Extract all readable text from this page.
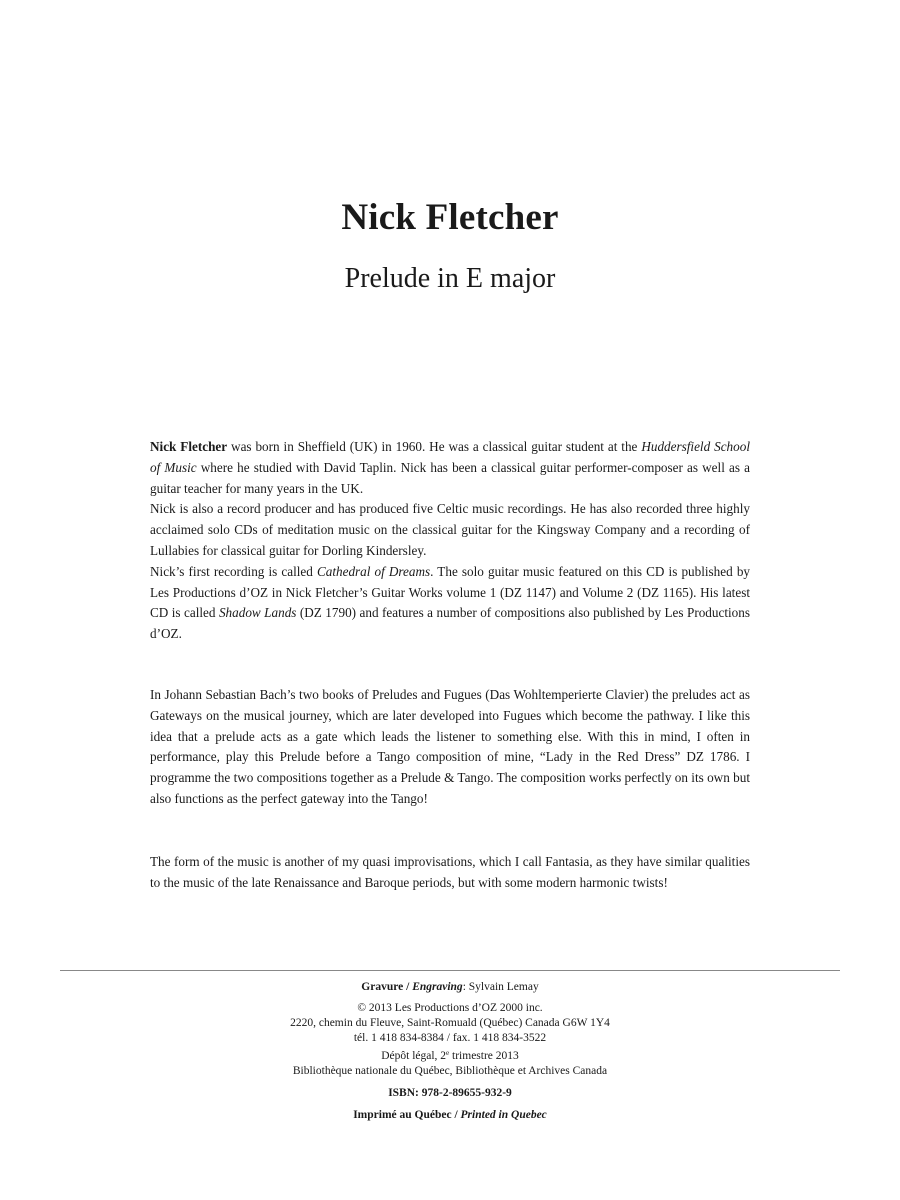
Nick Fletcher
Prelude in E major

Nick Fletcher was born in Sheffield (UK) in 1960. He was a classical guitar student at the Huddersfield School of Music where he studied with David Taplin. Nick has been a classical guitar performer-composer as well as a guitar teacher for many years in the UK.

Nick is also a record producer and has produced five Celtic music recordings. He has also recorded three highly acclaimed solo CDs of meditation music on the classical guitar for the Kingsway Company and a recording of Lullabies for classical guitar for Dorling Kindersley.

Nick’s first recording is called Cathedral of Dreams. The solo guitar music featured on this CD is published by Les Productions d’OZ in Nick Fletcher’s Guitar Works volume 1 (DZ 1147) and Volume 2 (DZ 1165). His latest CD is called Shadow Lands (DZ 1790) and features a number of compositions also published by Les Productions d’OZ.

In Johann Sebastian Bach’s two books of Preludes and Fugues (Das Wohltemperierte Clavier) the preludes act as Gateways on the musical journey, which are later developed into Fugues which become the pathway. I like this idea that a prelude acts as a gate which leads the listener to something else. With this in mind, I often in performance, play this Prelude before a Tango composition of mine, “Lady in the Red Dress” DZ 1786. I programme the two compositions together as a Prelude & Tango. The composition works perfectly on its own but also functions as the perfect gateway into the Tango!

The form of the music is another of my quasi improvisations, which I call Fantasia, as they have similar qualities to the music of the late Renaissance and Baroque periods, but with some modern harmonic twists!

Gravure / Engraving: Sylvain Lemay
© 2013 Les Productions d’OZ 2000 inc.
2220, chemin du Fleuve, Saint-Romuald (Québec) Canada G6W 1Y4
tél. 1 418 834-8384 / fax. 1 418 834-3522
Dépôt légal, 2e trimestre 2013
Bibliothèque nationale du Québec, Bibliothèque et Archives Canada
ISBN: 978-2-89655-932-9
Imprimé au Québec / Printed in Quebec
